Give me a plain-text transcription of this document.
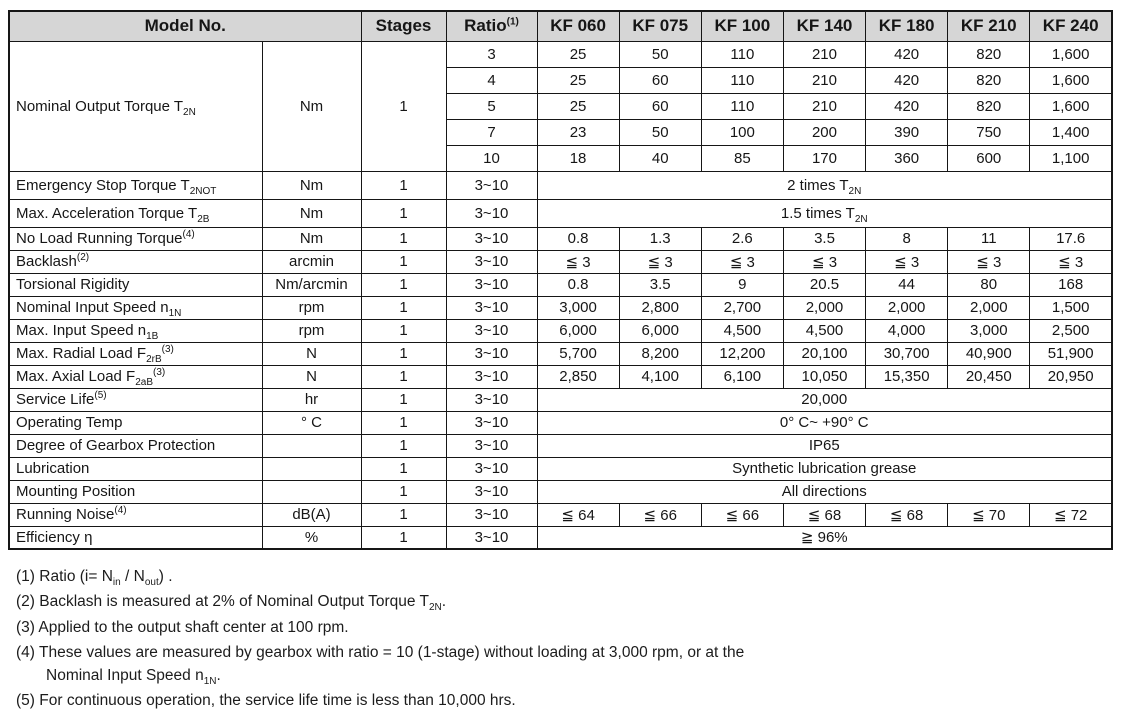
Model No.		Stages	Ratio$^{(1)}$	KF 060	KF 075	KF 100	KF 140	KF 180	KF 210	KF 240
Nominal Output Torque $T_{2N}$	Nm	1	3	25	50	110	210	420	820	1,600
			4	25	60	110	210	420	820	1,600
			5	25	60	110	210	420	820	1,600
			7	23	50	100	200	390	750	1,400
			10	18	40	85	170	360	600	1,100
Emergency Stop Torque $T_{2NOT}$	Nm	1	3~10	2 times $T_{2N}$
Max. Acceleration Torque $T_{2B}$	Nm	1	3~10	1.5 times $T_{2N}$
No Load Running Torque$^{(4)}$	Nm	1	3~10	0.8	1.3	2.6	3.5	8	11	17.6
Backlash$^{(2)}$	arcmin	1	3~10	≦ 3	≦ 3	≦ 3	≦ 3	≦ 3	≦ 3	≦ 3
Torsional Rigidity	Nm/arcmin	1	3~10	0.8	3.5	9	20.5	44	80	168
Nominal Input Speed $n_{1N}$	rpm	1	3~10	3,000	2,800	2,700	2,000	2,000	2,000	1,500
Max. Input Speed $n_{1B}$	rpm	1	3~10	6,000	6,000	4,500	4,500	4,000	3,000	2,500
Max. Radial Load $F_{2rB}^{(3)}$	N	1	3~10	5,700	8,200	12,200	20,100	30,700	40,900	51,900
Max. Axial Load $F_{2aB}^{(3)}$	N	1	3~10	2,850	4,100	6,100	10,050	15,350	20,450	20,950
Service Life$^{(5)}$	hr	1	3~10	20,000						
Operating Temp	° C	1	3~10	0° C~ +90° C						
Degree of Gearbox Protection		1	3~10	IP65						
Lubrication		1	3~10	Synthetic lubrication grease						
Mounting Position		1	3~10	All directions						
Running Noise$^{(4)}$	dB(A)	1	3~10	≦ 64	≦ 66	≦ 66	≦ 68	≦ 68	≦ 70	≦ 72
Efficiency η	%	1	3~10	≧ 96%						
(1) Ratio $(i= N_{in} / N_{out})$ .
(2) Backlash is measured at 2% of Nominal Output Torque $T_{2N}$.
(3) Applied to the output shaft center at 100 rpm.
(4) These values are measured by gearbox with ratio = 10 (1-stage) without loading at 3,000 rpm, or at the
Nominal Input Speed $n_{1N}$.
(5) For continuous operation, the service life time is less than 10,000 hrs.
